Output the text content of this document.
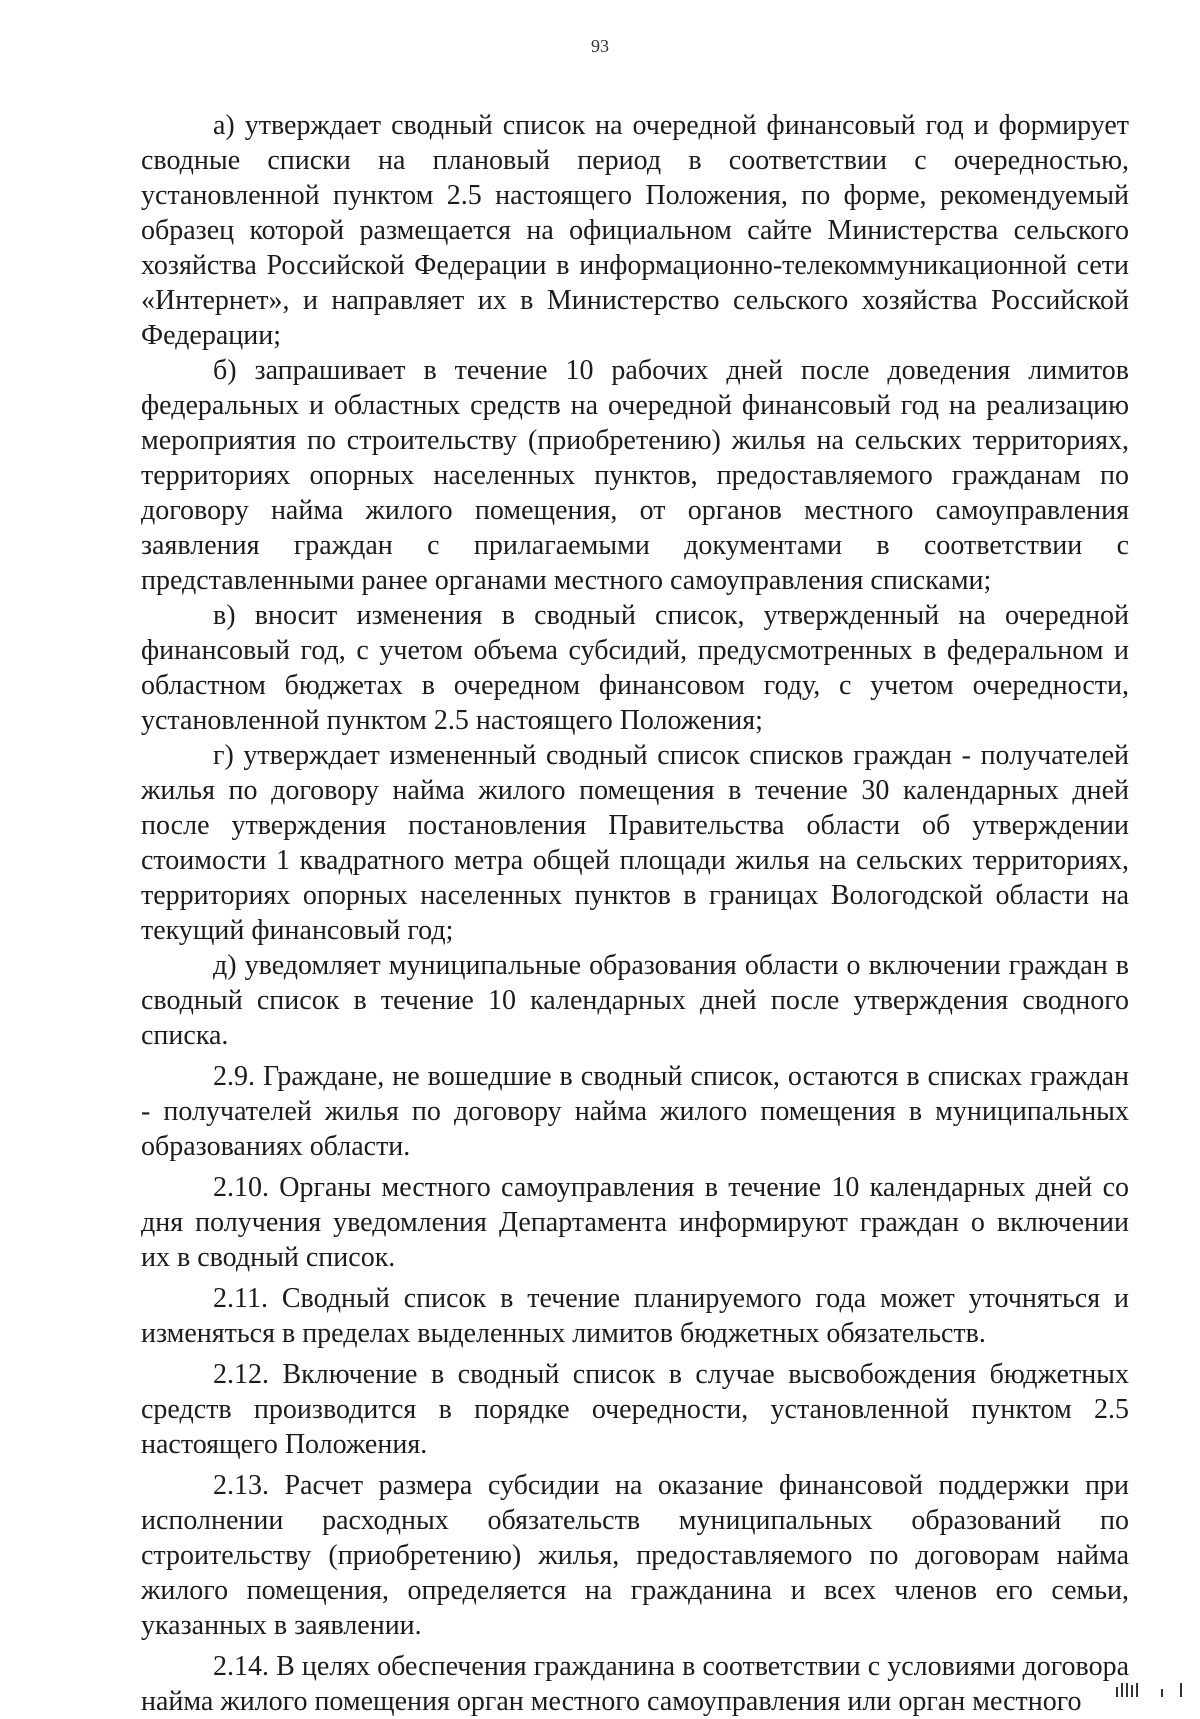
93

а) утверждает сводный список на очередной финансовый год и формирует сводные списки на плановый период в соответствии с очередностью, установленной пунктом 2.5 настоящего Положения, по форме, рекомендуемый образец которой размещается на официальном сайте Министерства сельского хозяйства Российской Федерации в информационно-телекоммуникационной сети «Интернет», и направляет их в Министерство сельского хозяйства Российской Федерации;

б) запрашивает в течение 10 рабочих дней после доведения лимитов федеральных и областных средств на очередной финансовый год на реализацию мероприятия по строительству (приобретению) жилья на сельских территориях, территориях опорных населенных пунктов, предоставляемого гражданам по договору найма жилого помещения, от органов местного самоуправления заявления граждан с прилагаемыми документами в соответствии с представленными ранее органами местного самоуправления списками;

в) вносит изменения в сводный список, утвержденный на очередной финансовый год, с учетом объема субсидий, предусмотренных в федеральном и областном бюджетах в очередном финансовом году, с учетом очередности, установленной пунктом 2.5 настоящего Положения;

г) утверждает измененный сводный список списков граждан - получателей жилья по договору найма жилого помещения в течение 30 календарных дней после утверждения постановления Правительства области об утверждении стоимости 1 квадратного метра общей площади жилья на сельских территориях, территориях опорных населенных пунктов в границах Вологодской области на текущий финансовый год;

д) уведомляет муниципальные образования области о включении граждан в сводный список в течение 10 календарных дней после утверждения сводного списка.

2.9. Граждане, не вошедшие в сводный список, остаются в списках граждан - получателей жилья по договору найма жилого помещения в муниципальных образованиях области.

2.10. Органы местного самоуправления в течение 10 календарных дней со дня получения уведомления Департамента информируют граждан о включении их в сводный список.

2.11. Сводный список в течение планируемого года может уточняться и изменяться в пределах выделенных лимитов бюджетных обязательств.

2.12. Включение в сводный список в случае высвобождения бюджетных средств производится в порядке очередности, установленной пунктом 2.5 настоящего Положения.

2.13. Расчет размера субсидии на оказание финансовой поддержки при исполнении расходных обязательств муниципальных образований по строительству (приобретению) жилья, предоставляемого по договорам найма жилого помещения, определяется на гражданина и всех членов его семьи, указанных в заявлении.

2.14. В целях обеспечения гражданина в соответствии с условиями договора найма жилого помещения орган местного самоуправления или орган местного
